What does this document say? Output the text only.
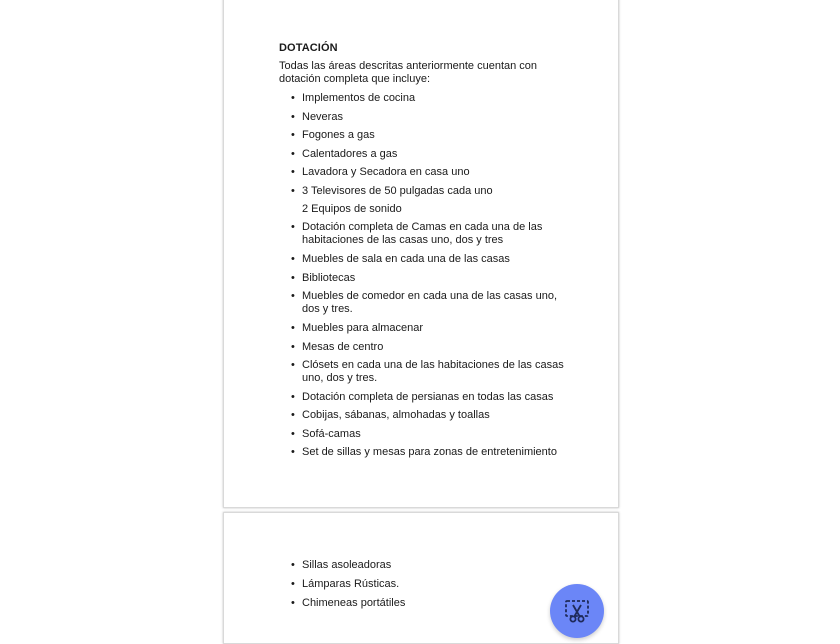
DOTACIÓN
Todas las áreas descritas anteriormente cuentan con dotación completa que incluye:
• Implementos de cocina
• Neveras
• Fogones a gas
• Calentadores a gas
• Lavadora y Secadora en casa uno
• 3 Televisores de 50 pulgadas cada uno
2 Equipos de sonido
• Dotación completa de Camas en cada una de las habitaciones de las casas uno, dos y tres
• Muebles de sala en cada una de las casas
• Bibliotecas
• Muebles de comedor en cada una de las casas uno, dos y tres.
• Muebles para almacenar
• Mesas de centro
• Clósets en cada una de las habitaciones de las casas uno, dos y tres.
• Dotación completa de persianas en todas las casas
• Cobijas, sábanas, almohadas y toallas
• Sofá-camas
• Set de sillas y mesas para zonas de entretenimiento
• Sillas asoleadoras
• Lámparas Rústicas.
• Chimeneas portátiles
